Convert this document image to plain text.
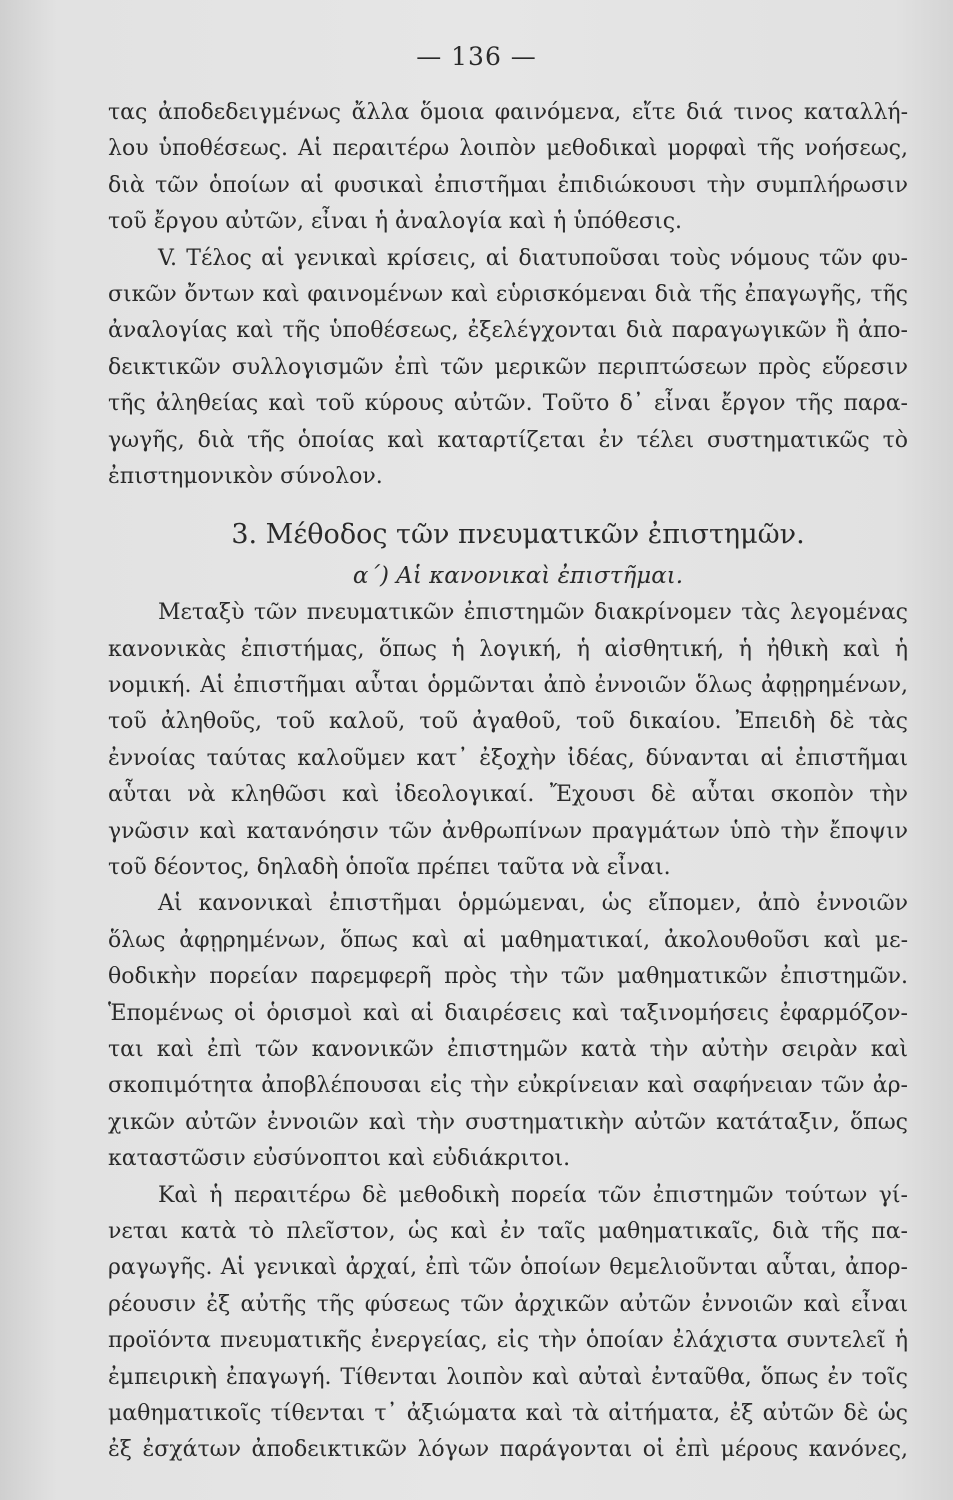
— 136 —
τας ἀποδεδειγμένως ἄλλα ὅμοια φαινόμενα, εἴτε διά τινος καταλλή-
λου ὑποθέσεως. Αἱ περαιτέρω λοιπὸν μεθοδικαὶ μορφαὶ τῆς νοήσεως,
διὰ τῶν ὁποίων αἱ φυσικαὶ ἐπιστῆμαι ἐπιδιώκουσι τὴν συμπλήρωσιν
τοῦ ἔργου αὐτῶν, εἶναι ἡ ἀναλογία καὶ ἡ ὑπόθεσις.
V. Τέλος αἱ γενικαὶ κρίσεις, αἱ διατυποῦσαι τοὺς νόμους τῶν φυ-
σικῶν ὄντων καὶ φαινομένων καὶ εὑρισκόμεναι διὰ τῆς ἐπαγωγῆς, τῆς
ἀναλογίας καὶ τῆς ὑποθέσεως, ἐξελέγχονται διὰ παραγωγικῶν ἢ ἀπο-
δεικτικῶν συλλογισμῶν ἐπὶ τῶν μερικῶν περιπτώσεων πρὸς εὕρεσιν
τῆς ἀληθείας καὶ τοῦ κύρους αὐτῶν. Τοῦτο δ᾽ εἶναι ἔργον τῆς παρα-
γωγῆς, διὰ τῆς ὁποίας καὶ καταρτίζεται ἐν τέλει συστηματικῶς τὸ
ἐπιστημονικὸν σύνολον.
3. Μέθοδος τῶν πνευματικῶν ἐπιστημῶν.
α΄) Αἱ κανονικαὶ ἐπιστῆμαι.
Μεταξὺ τῶν πνευματικῶν ἐπιστημῶν διακρίνομεν τὰς λεγομένας
κανονικὰς ἐπιστήμας, ὅπως ἡ λογική, ἡ αἰσθητική, ἡ ἠθικὴ καὶ ἡ
νομική. Αἱ ἐπιστῆμαι αὗται ὁρμῶνται ἀπὸ ἐννοιῶν ὅλως ἀφῃρημένων,
τοῦ ἀληθοῦς, τοῦ καλοῦ, τοῦ ἀγαθοῦ, τοῦ δικαίου. Ἐπειδὴ δὲ τὰς
ἐννοίας ταύτας καλοῦμεν κατ᾽ ἐξοχὴν ἰδέας, δύνανται αἱ ἐπιστῆμαι
αὗται νὰ κληθῶσι καὶ ἰδεολογικαί. Ἔχουσι δὲ αὗται σκοπὸν τὴν
γνῶσιν καὶ κατανόησιν τῶν ἀνθρωπίνων πραγμάτων ὑπὸ τὴν ἔποψιν
τοῦ δέοντος, δηλαδὴ ὁποῖα πρέπει ταῦτα νὰ εἶναι.
Αἱ κανονικαὶ ἐπιστῆμαι ὁρμώμεναι, ὡς εἴπομεν, ἀπὸ ἐννοιῶν
ὅλως ἀφῃρημένων, ὅπως καὶ αἱ μαθηματικαί, ἀκολουθοῦσι καὶ με-
θοδικὴν πορείαν παρεμφερῆ πρὸς τὴν τῶν μαθηματικῶν ἐπιστημῶν.
Ἑπομένως οἱ ὁρισμοὶ καὶ αἱ διαιρέσεις καὶ ταξινομήσεις ἐφαρμόζον-
ται καὶ ἐπὶ τῶν κανονικῶν ἐπιστημῶν κατὰ τὴν αὐτὴν σειρὰν καὶ
σκοπιμότητα ἀποβλέπουσαι εἰς τὴν εὐκρίνειαν καὶ σαφήνειαν τῶν ἀρ-
χικῶν αὐτῶν ἐννοιῶν καὶ τὴν συστηματικὴν αὐτῶν κατάταξιν, ὅπως
καταστῶσιν εὐσύνοπτοι καὶ εὐδιάκριτοι.
Καὶ ἡ περαιτέρω δὲ μεθοδικὴ πορεία τῶν ἐπιστημῶν τούτων γί-
νεται κατὰ τὸ πλεῖστον, ὡς καὶ ἐν ταῖς μαθηματικαῖς, διὰ τῆς πα-
ραγωγῆς. Αἱ γενικαὶ ἀρχαί, ἐπὶ τῶν ὁποίων θεμελιοῦνται αὗται, ἀπορ-
ρέουσιν ἐξ αὐτῆς τῆς φύσεως τῶν ἀρχικῶν αὐτῶν ἐννοιῶν καὶ εἶναι
προϊόντα πνευματικῆς ἐνεργείας, εἰς τὴν ὁποίαν ἐλάχιστα συντελεῖ ἡ
ἐμπειρικὴ ἐπαγωγή. Τίθενται λοιπὸν καὶ αὐταὶ ἐνταῦθα, ὅπως ἐν τοῖς
μαθηματικοῖς τίθενται τ᾽ ἀξιώματα καὶ τὰ αἰτήματα, ἐξ αὐτῶν δὲ ὡς
ἐξ ἐσχάτων ἀποδεικτικῶν λόγων παράγονται οἱ ἐπὶ μέρους κανόνες,
